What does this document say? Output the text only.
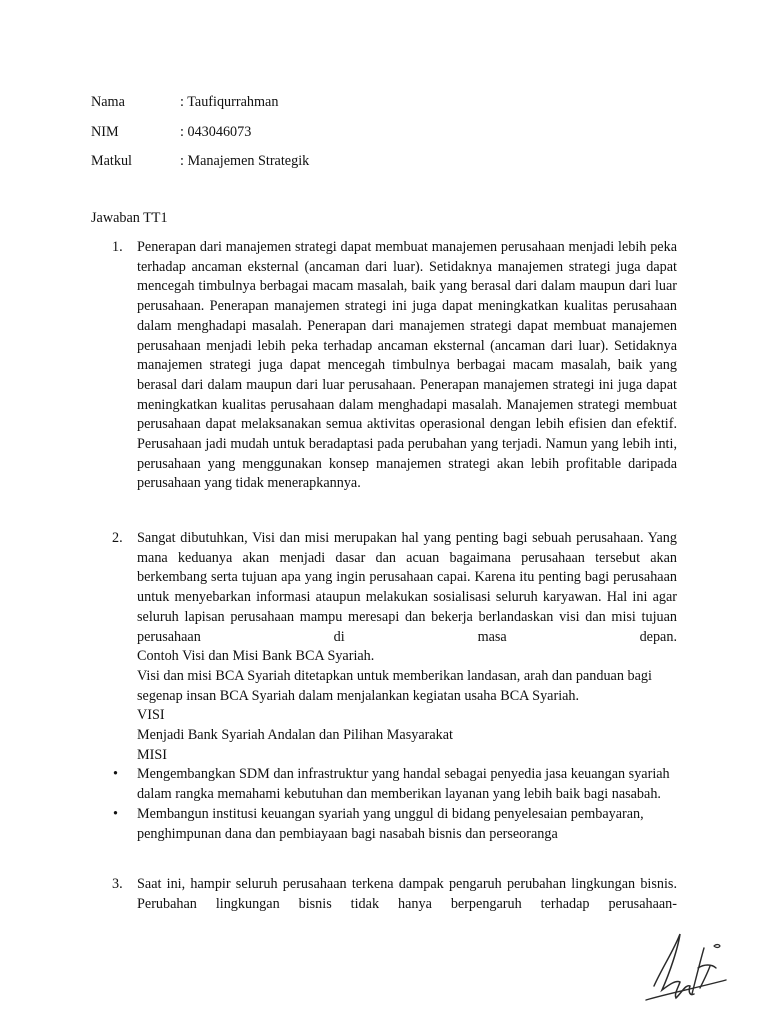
Nama	: Taufiqurrahman
NIM	: 043046073
Matkul	: Manajemen Strategik
Jawaban TT1
1. Penerapan dari manajemen strategi dapat membuat manajemen perusahaan menjadi lebih peka terhadap ancaman eksternal (ancaman dari luar). Setidaknya manajemen strategi juga dapat mencegah timbulnya berbagai macam masalah, baik yang berasal dari dalam maupun dari luar perusahaan. Penerapan manajemen strategi ini juga dapat meningkatkan kualitas perusahaan dalam menghadapi masalah. Penerapan dari manajemen strategi dapat membuat manajemen perusahaan menjadi lebih peka terhadap ancaman eksternal (ancaman dari luar). Setidaknya manajemen strategi juga dapat mencegah timbulnya berbagai macam masalah, baik yang berasal dari dalam maupun dari luar perusahaan. Penerapan manajemen strategi ini juga dapat meningkatkan kualitas perusahaan dalam menghadapi masalah. Manajemen strategi membuat perusahaan dapat melaksanakan semua aktivitas operasional dengan lebih efisien dan efektif. Perusahaan jadi mudah untuk beradaptasi pada perubahan yang terjadi. Namun yang lebih inti, perusahaan yang menggunakan konsep manajemen strategi akan lebih profitable daripada perusahaan yang tidak menerapkannya.

2. Sangat dibutuhkan, Visi dan misi merupakan hal yang penting bagi sebuah perusahaan. Yang mana keduanya akan menjadi dasar dan acuan bagaimana perusahaan tersebut akan berkembang serta tujuan apa yang ingin perusahaan capai. Karena itu penting bagi perusahaan untuk menyebarkan informasi ataupun melakukan sosialisasi seluruh karyawan. Hal ini agar seluruh lapisan perusahaan mampu meresapi dan bekerja berlandaskan visi dan misi tujuan perusahaan di masa depan.

Contoh Visi dan Misi Bank BCA Syariah.

Visi dan misi BCA Syariah ditetapkan untuk memberikan landasan, arah dan panduan bagi segenap insan BCA Syariah dalam menjalankan kegiatan usaha BCA Syariah.

VISI

Menjadi Bank Syariah Andalan dan Pilihan Masyarakat

MISI

• Mengembangkan SDM dan infrastruktur yang handal sebagai penyedia jasa keuangan syariah dalam rangka memahami kebutuhan dan memberikan layanan yang lebih baik bagi nasabah.
• Membangun institusi keuangan syariah yang unggul di bidang penyelesaian pembayaran, penghimpunan dana dan pembiayaan bagi nasabah bisnis dan perseoranga
3. Saat ini, hampir seluruh perusahaan terkena dampak pengaruh perubahan lingkungan bisnis. Perubahan lingkungan bisnis tidak hanya berpengaruh terhadap perusahaan-
